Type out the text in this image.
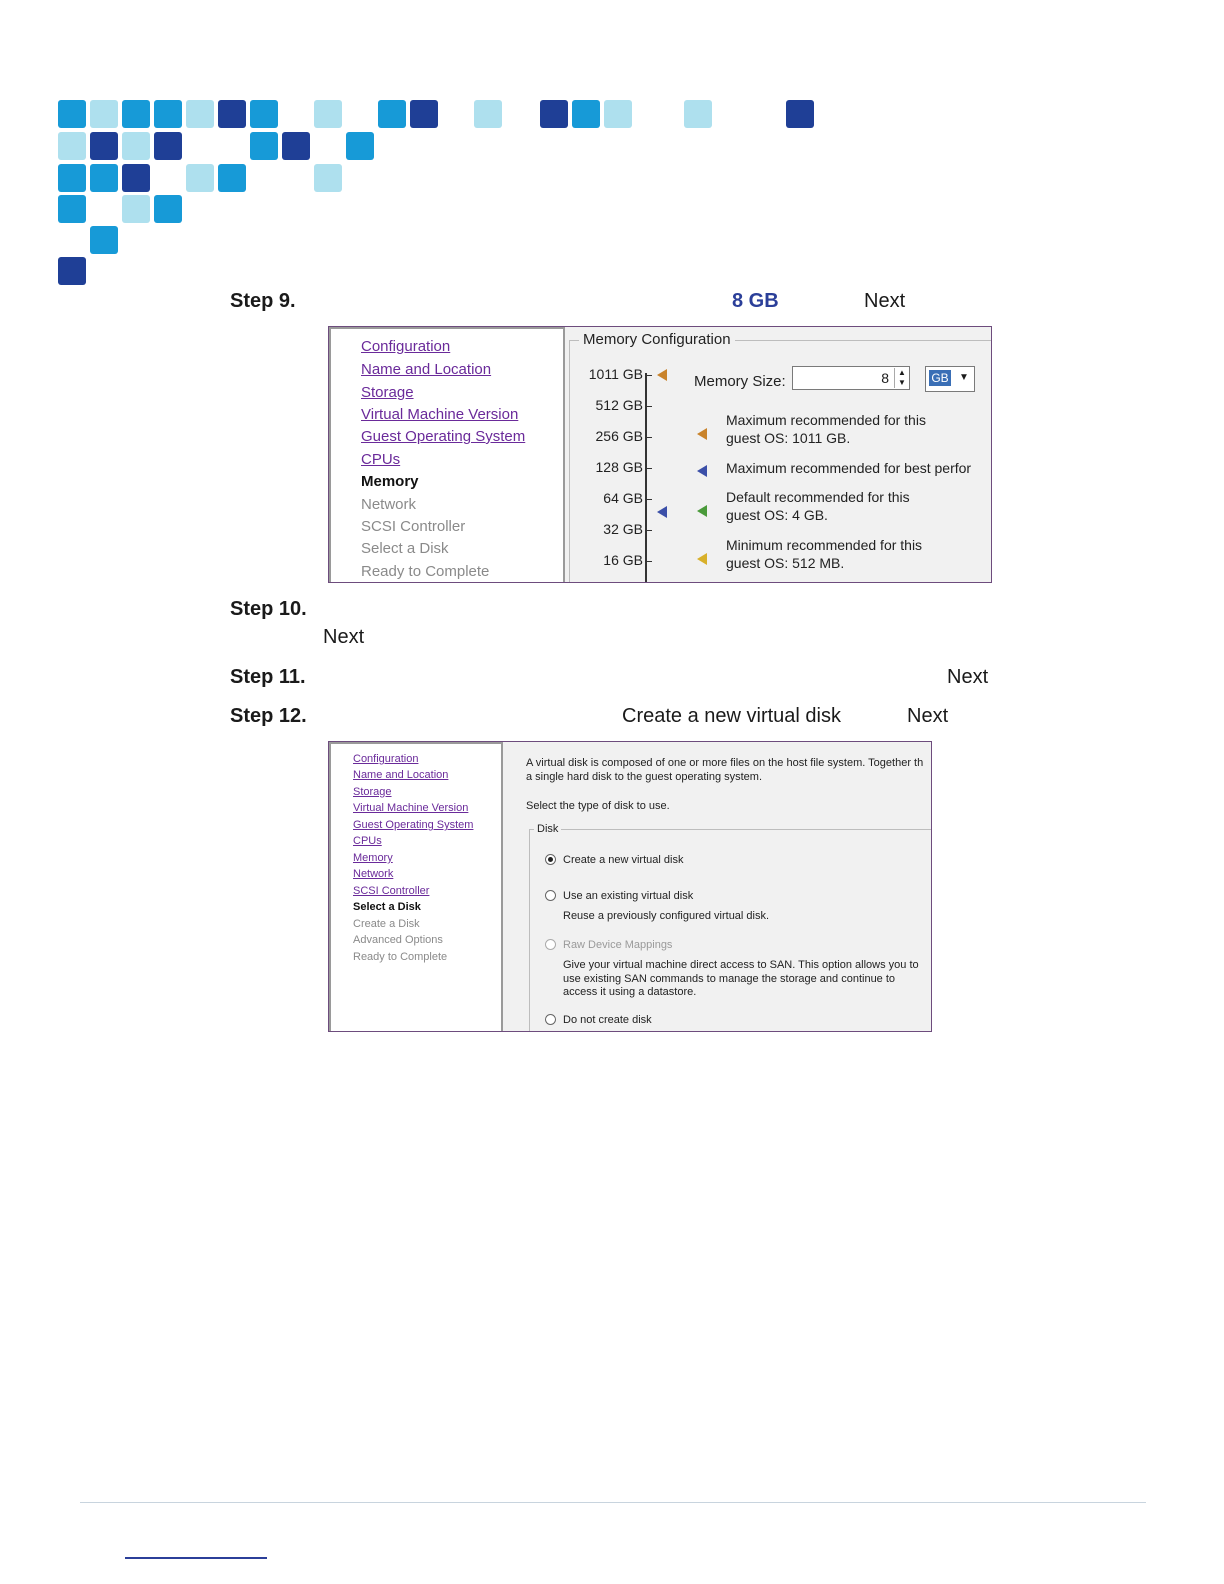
Step 9.	8 GB	Next
Configuration
Name and Location
Storage
Virtual Machine Version
Guest Operating System
CPUs
Memory
Network
SCSI Controller
Select a Disk
Ready to Complete
Memory Configuration
1011 GB
512 GB
256 GB
128 GB
64 GB
32 GB
16 GB
Memory Size:	8	▲
▼ GB	▼
Maximum recommended for this
guest OS: 1011 GB.
Maximum recommended for best perfor
Default recommended for this
guest OS: 4 GB.
Minimum recommended for this
guest OS: 512 MB.
Step 10.
Next
Step 11.	Next
Step 12.	Create a new virtual disk	Next
Configuration
Name and Location
Storage
Virtual Machine Version
Guest Operating System
CPUs
Memory
Network
SCSI Controller
Select a Disk
Create a Disk
Advanced Options
Ready to Complete
A virtual disk is composed of one or more files on the host file system. Together th
a single hard disk to the guest operating system.
Select the type of disk to use.
Disk
Create a new virtual disk
Use an existing virtual disk
Reuse a previously configured virtual disk.
Raw Device Mappings
Give your virtual machine direct access to SAN. This option allows you to
use existing SAN commands to manage the storage and continue to
access it using a datastore.
Do not create disk
